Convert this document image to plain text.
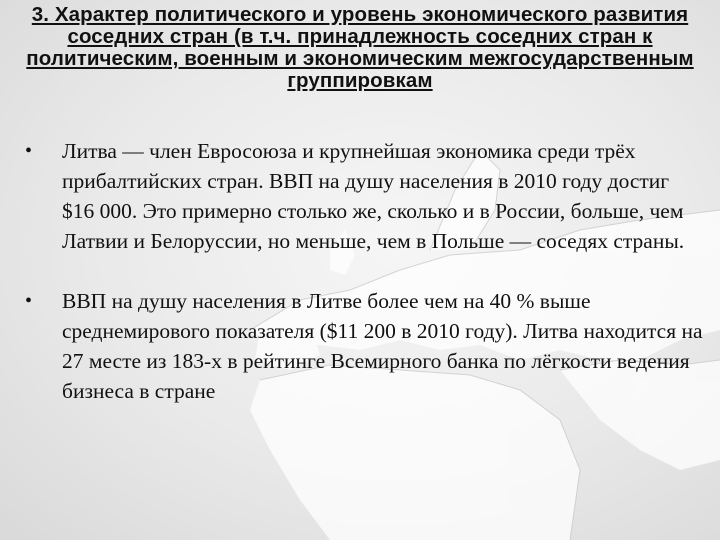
3. Характер политического и уровень экономического развития соседних стран (в т.ч. принадлежность соседних стран к политическим, военным и экономическим межгосударственным группировкам
• Литва — член Евросоюза и крупнейшая экономика среди трёх прибалтийских стран. ВВП на душу населения в 2010 году достиг $16 000. Это примерно столько же, сколько и в России, больше, чем Латвии и Белоруссии, но меньше, чем в Польше — соседях страны.
• ВВП на душу населения в Литве более чем на 40 % выше среднемирового показателя ($11 200 в 2010 году). Литва находится на 27 месте из 183-х в рейтинге Всемирного банка по лёгкости ведения бизнеса в стране
